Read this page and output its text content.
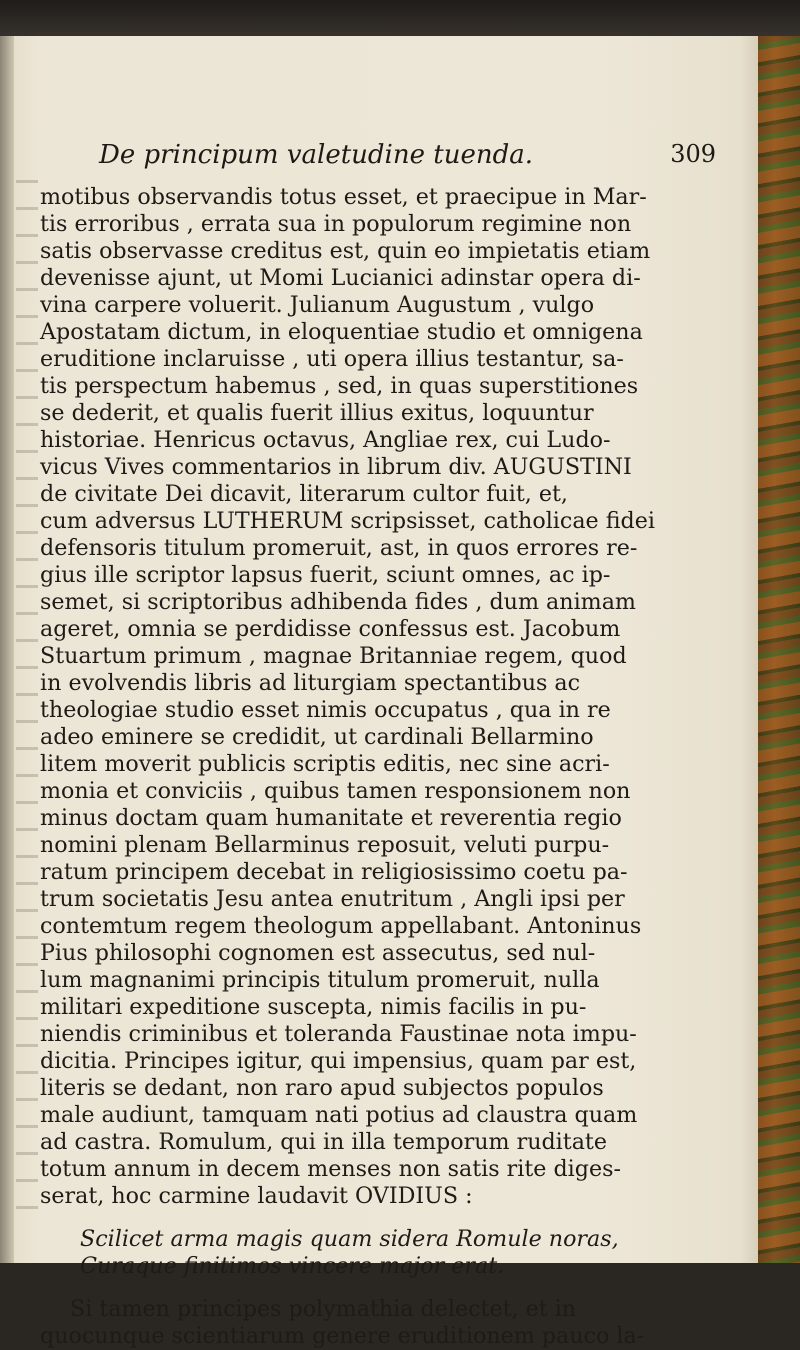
De principum valetudine tuenda.	309
motibus observandis totus esset, et praecipue in Mar-
tis erroribus , errata sua in populorum regimine non
satis observasse creditus est, quin eo impietatis etiam
devenisse ajunt, ut Momi Lucianici adinstar opera di-
vina carpere voluerit. Julianum Augustum , vulgo
Apostatam dictum, in eloquentiae studio et omnigena
eruditione inclaruisse , uti opera illius testantur, sa-
tis perspectum habemus , sed, in quas superstitiones
se dederit, et qualis fuerit illius exitus, loquuntur
historiae. Henricus octavus, Angliae rex, cui Ludo-
vicus Vives commentarios in librum div. AUGUSTINI
de civitate Dei dicavit, literarum cultor fuit, et,
cum adversus LUTHERUM scripsisset, catholicae fidei
defensoris titulum promeruit, ast, in quos errores re-
gius ille scriptor lapsus fuerit, sciunt omnes, ac ip-
semet, si scriptoribus adhibenda fides , dum animam
ageret, omnia se perdidisse confessus est. Jacobum
Stuartum primum , magnae Britanniae regem, quod
in evolvendis libris ad liturgiam spectantibus ac
theologiae studio esset nimis occupatus , qua in re
adeo eminere se credidit, ut cardinali Bellarmino
litem moverit publicis scriptis editis, nec sine acri-
monia et conviciis , quibus tamen responsionem non
minus doctam quam humanitate et reverentia regio
nomini plenam Bellarminus reposuit, veluti purpu-
ratum principem decebat in religiosissimo coetu pa-
trum societatis Jesu antea enutritum , Angli ipsi per
contemtum regem theologum appellabant. Antoninus
Pius philosophi cognomen est assecutus, sed nul-
lum magnanimi principis titulum promeruit, nulla
militari expeditione suscepta, nimis facilis in pu-
niendis criminibus et toleranda Faustinae nota impu-
dicitia. Principes igitur, qui impensius, quam par est,
literis se dedant, non raro apud subjectos populos
male audiunt, tamquam nati potius ad claustra quam
ad castra. Romulum, qui in illa temporum ruditate
totum annum in decem menses non satis rite diges-
serat, hoc carmine laudavit OVIDIUS :
Scilicet arma magis quam sidera Romule noras,
Curaque finitimos vincere major erat.
Si tamen principes polymathia delectet, et in
quocunque scientiarum genere eruditionem pauco la-
